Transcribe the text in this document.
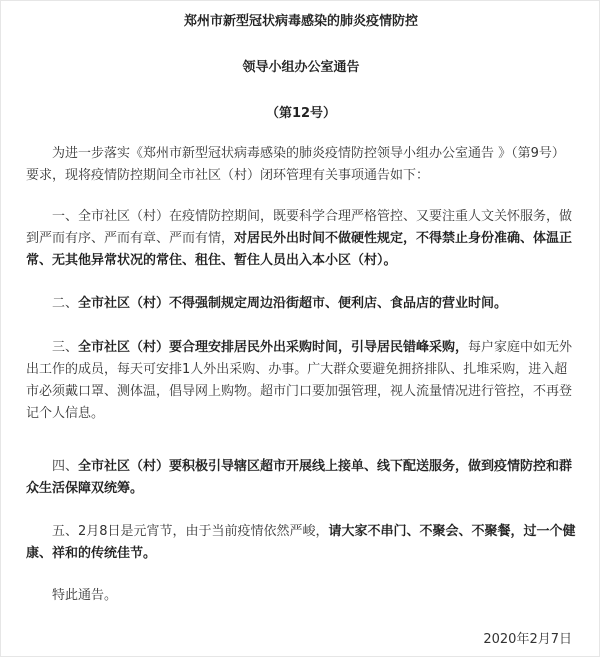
郑州市新型冠状病毒感染的肺炎疫情防控
领导小组办公室通告
（第12号）
为进一步落实《郑州市新型冠状病毒感染的肺炎疫情防控领导小组办公室通告 》（第9号）
要求，现将疫情防控期间全市社区（村）闭环管理有关事项通告如下：
一、全市社区（村）在疫情防控期间，既要科学合理严格管控、又要注重人文关怀服务，做
到严而有序、严而有章、严而有情，对居民外出时间不做硬性规定，不得禁止身份准确、体温正
常、无其他异常状况的常住、租住、暂住人员出入本小区（村）。
二、全市社区（村）不得强制规定周边沿街超市、便利店、食品店的营业时间。
三、全市社区（村）要合理安排居民外出采购时间，引导居民错峰采购，每户家庭中如无外
出工作的成员，每天可安排1人外出采购、办事。广大群众要避免拥挤排队、扎堆采购，进入超
市必须戴口罩、测体温，倡导网上购物。超市门口要加强管理，视人流量情况进行管控，不再登
记个人信息。
四、全市社区（村）要积极引导辖区超市开展线上接单、线下配送服务，做到疫情防控和群
众生活保障双统筹。
五、2月8日是元宵节，由于当前疫情依然严峻，请大家不串门、不聚会、不聚餐，过一个健
康、祥和的传统佳节。
特此通告。
2020年2月7日
